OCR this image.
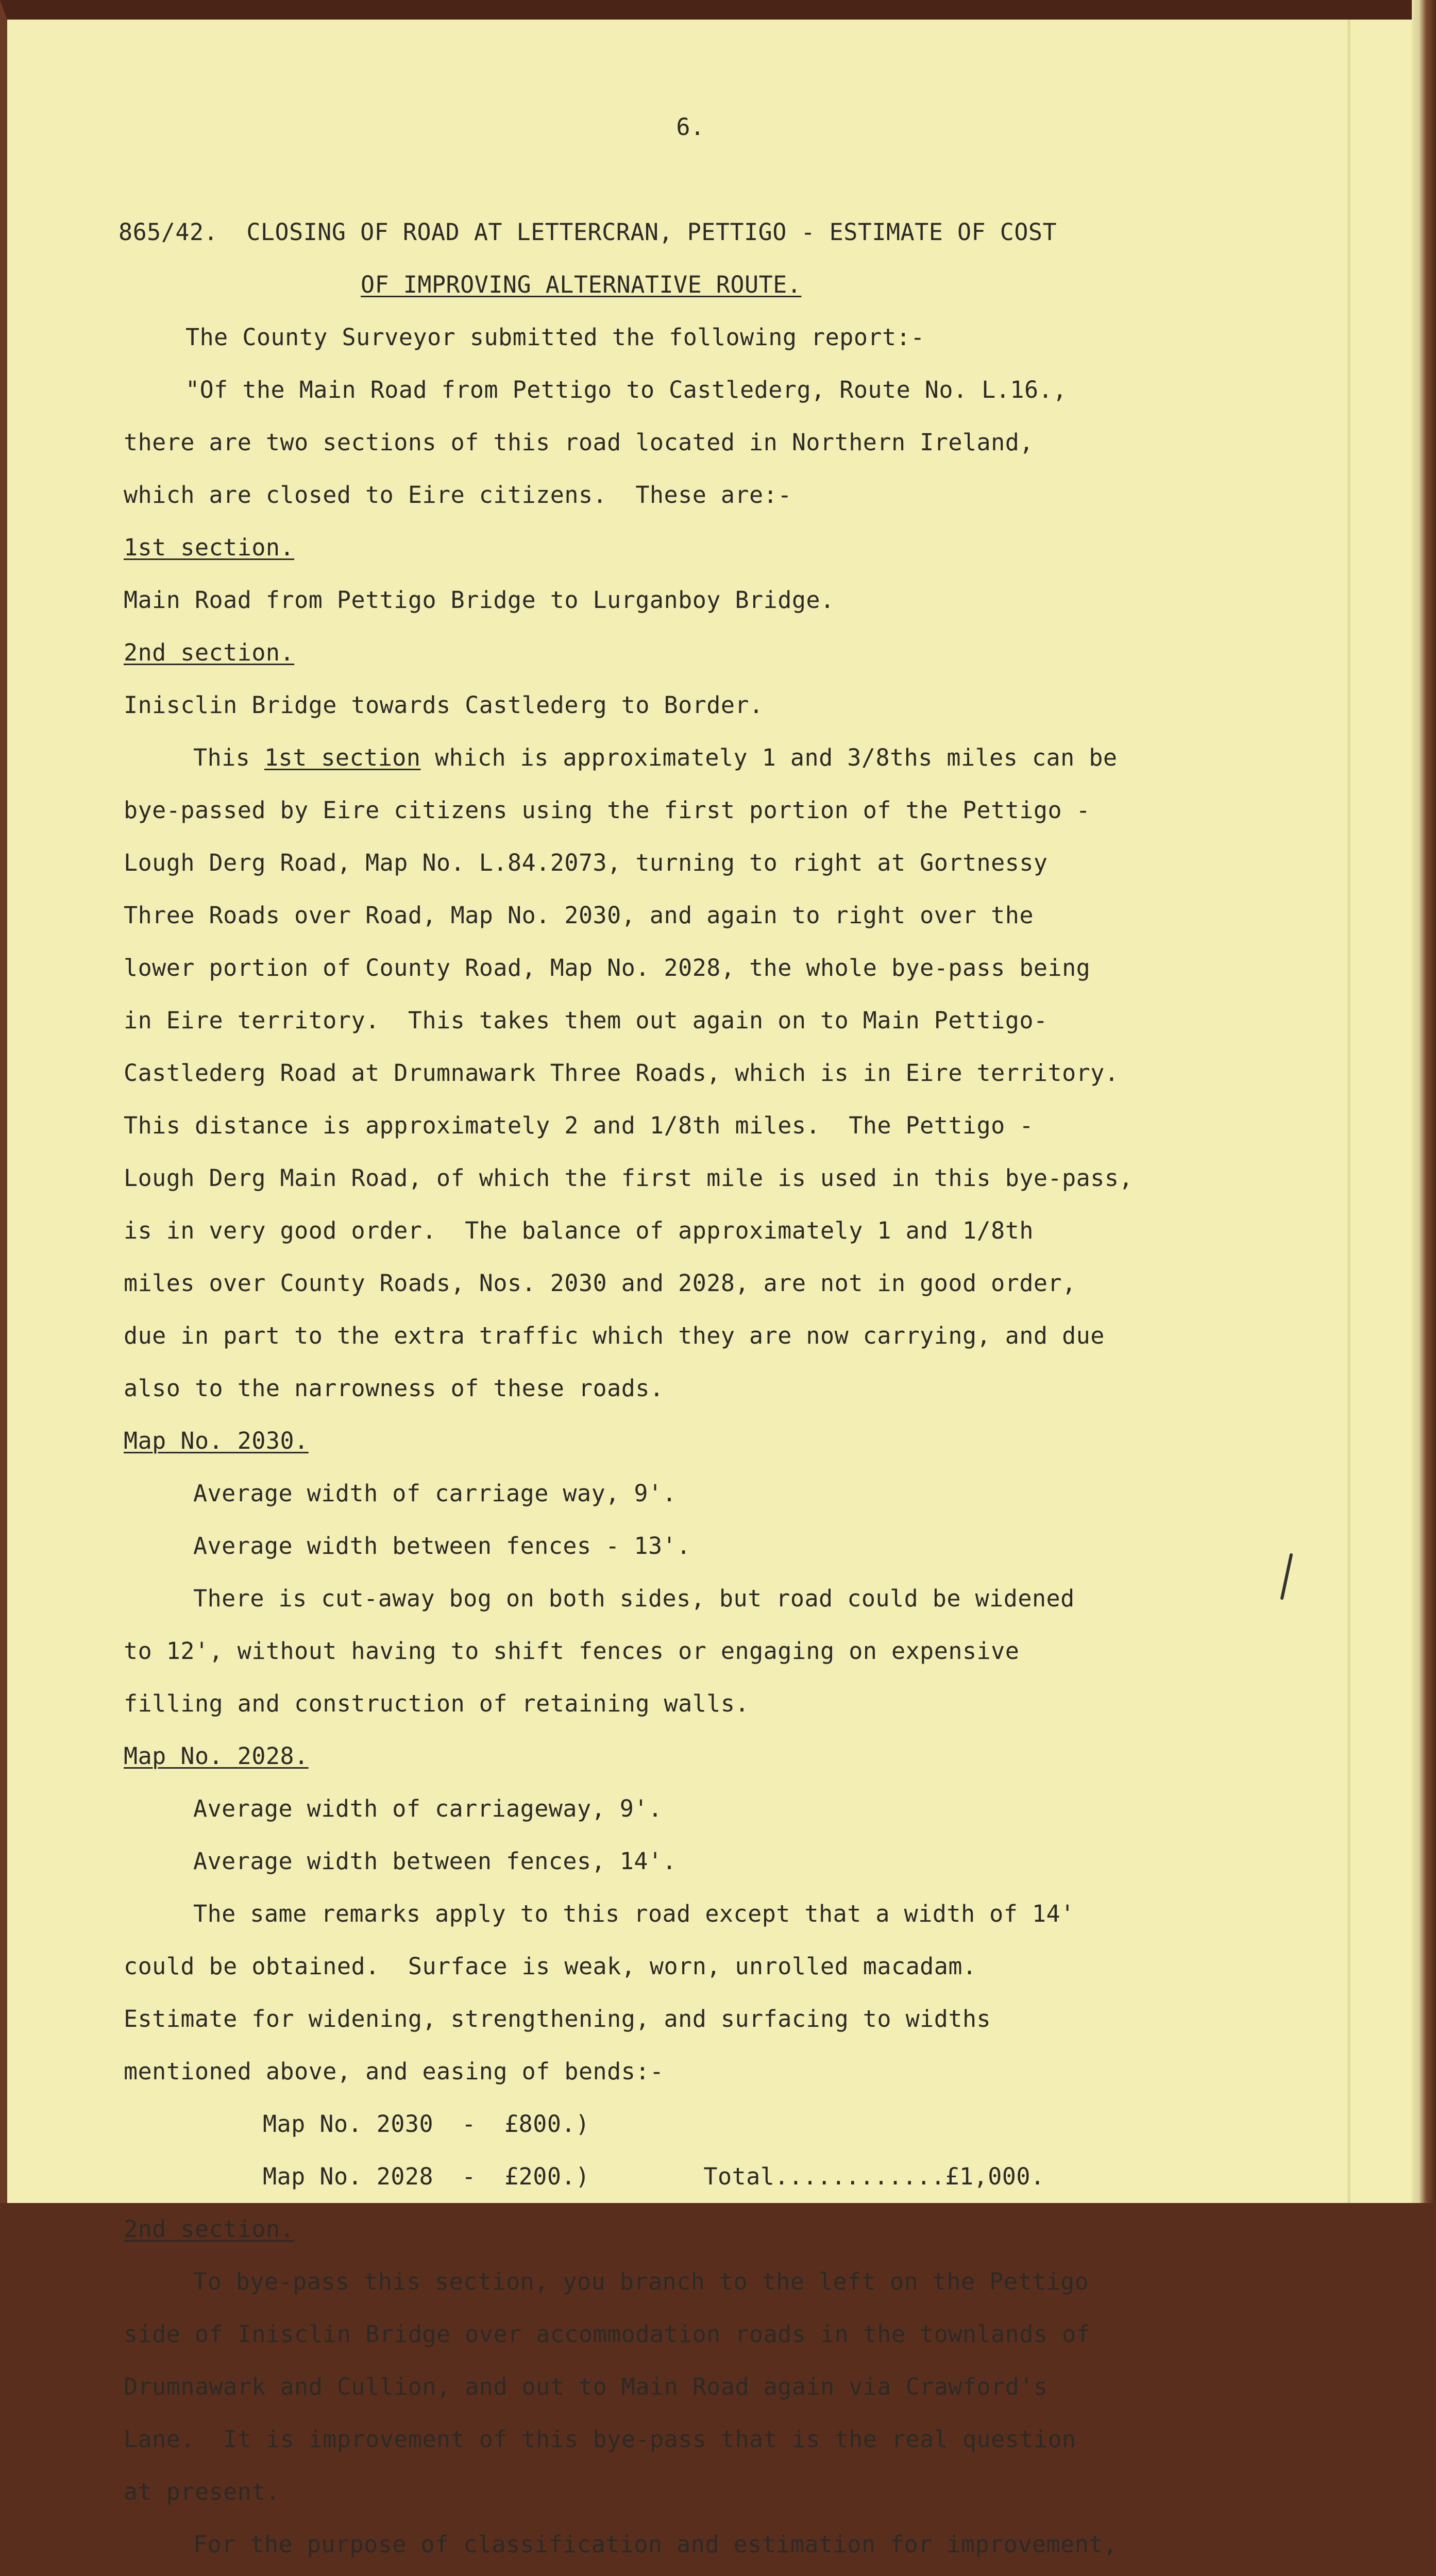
6.

865/42. CLOSING OF ROAD AT LETTERCRAN, PETTIGO - ESTIMATE OF COST

OF IMPROVING ALTERNATIVE ROUTE.

The County Surveyor submitted the following report:-

"Of the Main Road from Pettigo to Castlederg, Route No. L.16.,

there are two sections of this road located in Northern Ireland,

which are closed to Eire citizens.  These are:-

1st section.

Main Road from Pettigo Bridge to Lurganboy Bridge.

2nd section.

Inisclin Bridge towards Castlederg to Border.

This 1st section which is approximately 1 and 3/8ths miles can be

bye-passed by Eire citizens using the first portion of the Pettigo -

Lough Derg Road, Map No. L.84.2073, turning to right at Gortnessy

Three Roads over Road, Map No. 2030, and again to right over the

lower portion of County Road, Map No. 2028, the whole bye-pass being

in Eire territory.  This takes them out again on to Main Pettigo-

Castlederg Road at Drumnawark Three Roads, which is in Eire territory.

This distance is approximately 2 and 1/8th miles.  The Pettigo -

Lough Derg Main Road, of which the first mile is used in this bye-pass,

is in very good order.  The balance of approximately 1 and 1/8th

miles over County Roads, Nos. 2030 and 2028, are not in good order,

due in part to the extra traffic which they are now carrying, and due

also to the narrowness of these roads.

Map No. 2030.

Average width of carriage way, 9'.

Average width between fences - 13'.

There is cut-away bog on both sides, but road could be widened

to 12', without having to shift fences or engaging on expensive

filling and construction of retaining walls.

Map No. 2028.

Average width of carriageway, 9'.

Average width between fences, 14'.

The same remarks apply to this road except that a width of 14'

could be obtained.  Surface is weak, worn, unrolled macadam.

Estimate for widening, strengthening, and surfacing to widths

mentioned above, and easing of bends:-

Map No. 2030  -  £800.)

Map No. 2028  -  £200.)        Total............£1,000.

2nd section.

To bye-pass this section, you branch to the left on the Pettigo

side of Inisclin Bridge over accommodation roads in the townlands of

Drumnawark and Cullion, and out to Main Road again via Crawford's

Lane.  It is improvement of this bye-pass that is the real question

at present.

For the purpose of classification and estimation for improvement,
